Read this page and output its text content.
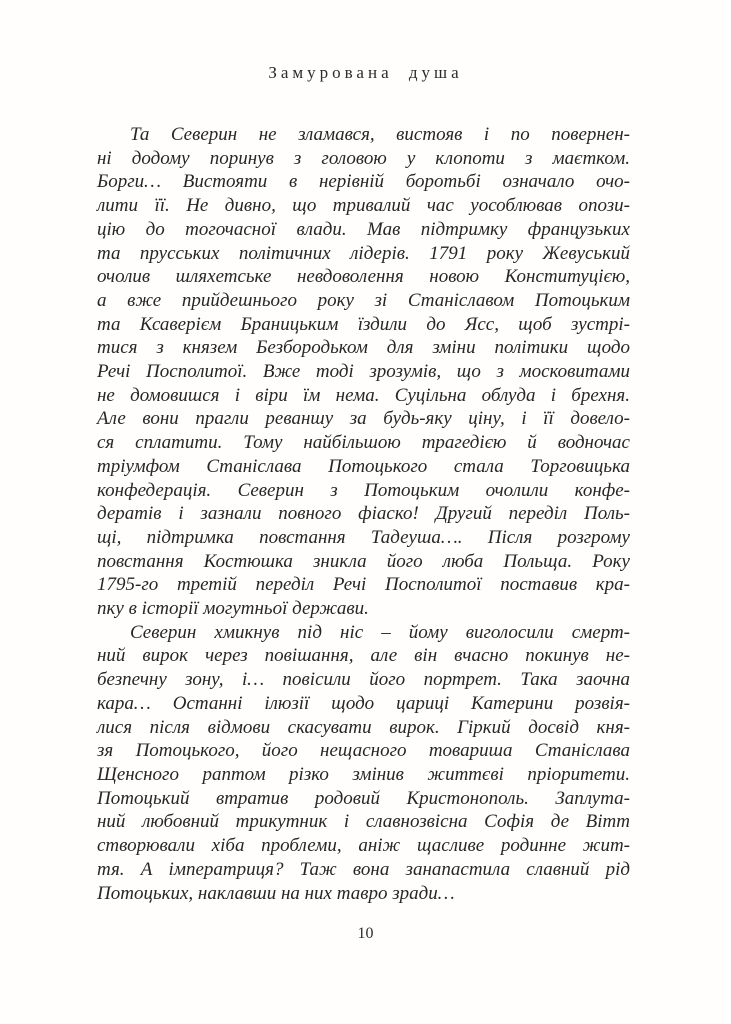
Замурована душа
Та Северин не зламався, вистояв і по повернен-
ні додому поринув з головою у клопоти з маєтком.
Борги… Вистояти в нерівній боротьбі означало очо-
лити її. Не дивно, що тривалий час уособлював опози-
цію до тогочасної влади. Мав підтримку французьких
та прусських політичних лідерів. 1791 року Жевуський
очолив шляхетське невдоволення новою Конституцією,
а вже прийдешнього року зі Станіславом Потоцьким
та Ксаверієм Браницьким їздили до Ясс, щоб зустрі-
тися з князем Безбородьком для зміни політики щодо
Речі Посполитої. Вже тоді зрозумів, що з московитами
не домовишся і віри їм нема. Суцільна облуда і брехня.
Але вони прагли реваншу за будь-яку ціну, і її довело-
ся сплатити. Тому найбільшою трагедією й водночас
тріумфом Станіслава Потоцького стала Торговицька
конфедерація. Северин з Потоцьким очолили конфе-
дератів і зазнали повного фіаско! Другий переділ Поль-
щі, підтримка повстання Тадеуша…. Після розгрому
повстання Костюшка зникла його люба Польща. Року
1795-го третій переділ Речі Посполитої поставив кра-
пку в історії могутньої держави.
Северин хмикнув під ніс – йому виголосили смерт-
ний вирок через повішання, але він вчасно покинув не-
безпечну зону, і… повісили його портрет. Така заочна
кара… Останні ілюзії щодо цариці Катерини розвія-
лися після відмови скасувати вирок. Гіркий досвід кня-
зя Потоцького, його нещасного товариша Станіслава
Щенсного раптом різко змінив життєві пріоритети.
Потоцький втратив родовий Кристонополь. Заплута-
ний любовний трикутник і славнозвісна Софія де Вітт
створювали хіба проблеми, аніж щасливе родинне жит-
тя. А імператриця? Таж вона занапастила славний рід
Потоцьких, наклавши на них тавро зради…
10
